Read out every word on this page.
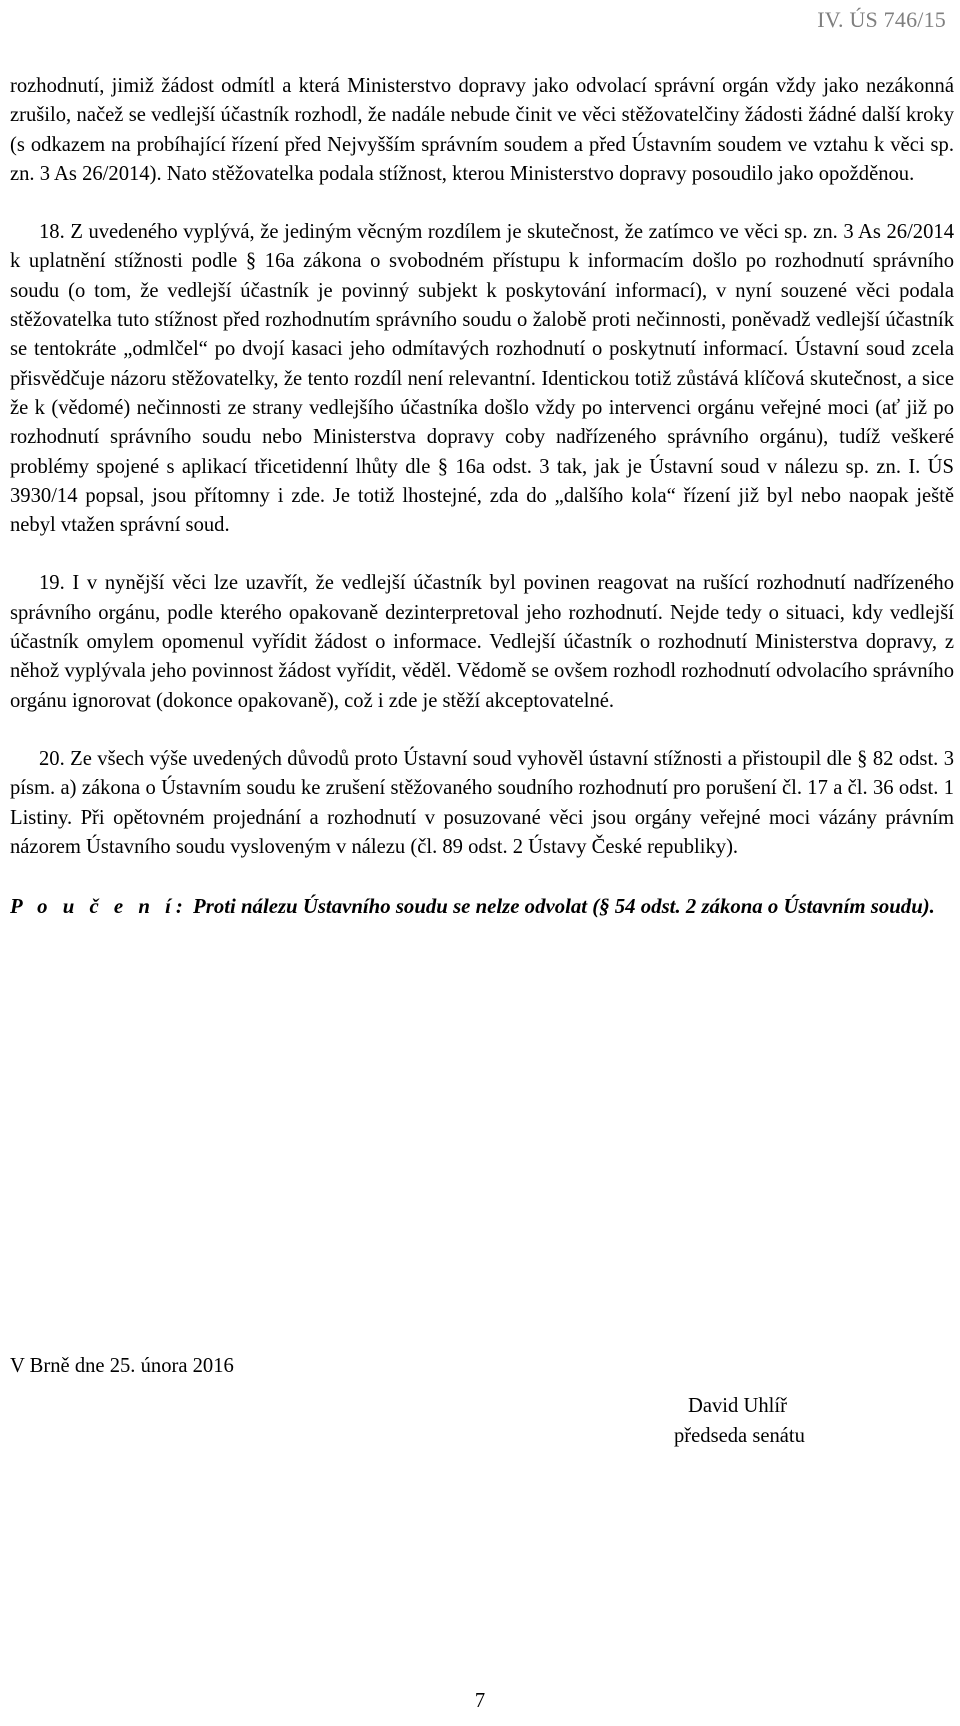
IV. ÚS 746/15

rozhodnutí, jimiž žádost odmítl a která Ministerstvo dopravy jako odvolací správní orgán vždy jako nezákonná zrušilo, načež se vedlejší účastník rozhodl, že nadále nebude činit ve věci stěžovatelčiny žádosti žádné další kroky (s odkazem na probíhající řízení před Nejvyšším správním soudem a před Ústavním soudem ve vztahu k věci sp. zn. 3 As 26/2014). Nato stěžovatelka podala stížnost, kterou Ministerstvo dopravy posoudilo jako opožděnou.

18. Z uvedeného vyplývá, že jediným věcným rozdílem je skutečnost, že zatímco ve věci sp. zn. 3 As 26/2014 k uplatnění stížnosti podle § 16a zákona o svobodném přístupu k informacím došlo po rozhodnutí správního soudu (o tom, že vedlejší účastník je povinný subjekt k poskytování informací), v nyní souzené věci podala stěžovatelka tuto stížnost před rozhodnutím správního soudu o žalobě proti nečinnosti, poněvadž vedlejší účastník se tentokráte „odmlčel“ po dvojí kasaci jeho odmítavých rozhodnutí o poskytnutí informací. Ústavní soud zcela přisvědčuje názoru stěžovatelky, že tento rozdíl není relevantní. Identickou totiž zůstává klíčová skutečnost, a sice že k (vědomé) nečinnosti ze strany vedlejšího účastníka došlo vždy po intervenci orgánu veřejné moci (ať již po rozhodnutí správního soudu nebo Ministerstva dopravy coby nadřízeného správního orgánu), tudíž veškeré problémy spojené s aplikací třicetidenní lhůty dle § 16a odst. 3 tak, jak je Ústavní soud v nálezu sp. zn. I. ÚS 3930/14 popsal, jsou přítomny i zde. Je totiž lhostejné, zda do „dalšího kola“ řízení již byl nebo naopak ještě nebyl vtažen správní soud.

19. I v nynější věci lze uzavřít, že vedlejší účastník byl povinen reagovat na rušící rozhodnutí nadřízeného správního orgánu, podle kterého opakovaně dezinterpretoval jeho rozhodnutí. Nejde tedy o situaci, kdy vedlejší účastník omylem opomenul vyřídit žádost o informace. Vedlejší účastník o rozhodnutí Ministerstva dopravy, z něhož vyplývala jeho povinnost žádost vyřídit, věděl. Vědomě se ovšem rozhodl rozhodnutí odvolacího správního orgánu ignorovat (dokonce opakovaně), což i zde je stěží akceptovatelné.

20. Ze všech výše uvedených důvodů proto Ústavní soud vyhověl ústavní stížnosti a přistoupil dle § 82 odst. 3 písm. a) zákona o Ústavním soudu ke zrušení stěžovaného soudního rozhodnutí pro porušení čl. 17 a čl. 36 odst. 1 Listiny. Při opětovném projednání a rozhodnutí v posuzované věci jsou orgány veřejné moci vázány právním názorem Ústavního soudu vysloveným v nálezu (čl. 89 odst. 2 Ústavy České republiky).

P o u č e n í: Proti nálezu Ústavního soudu se nelze odvolat (§ 54 odst. 2 zákona o Ústavním soudu).

V Brně dne 25. února 2016
David Uhlíř
předseda senátu
7
